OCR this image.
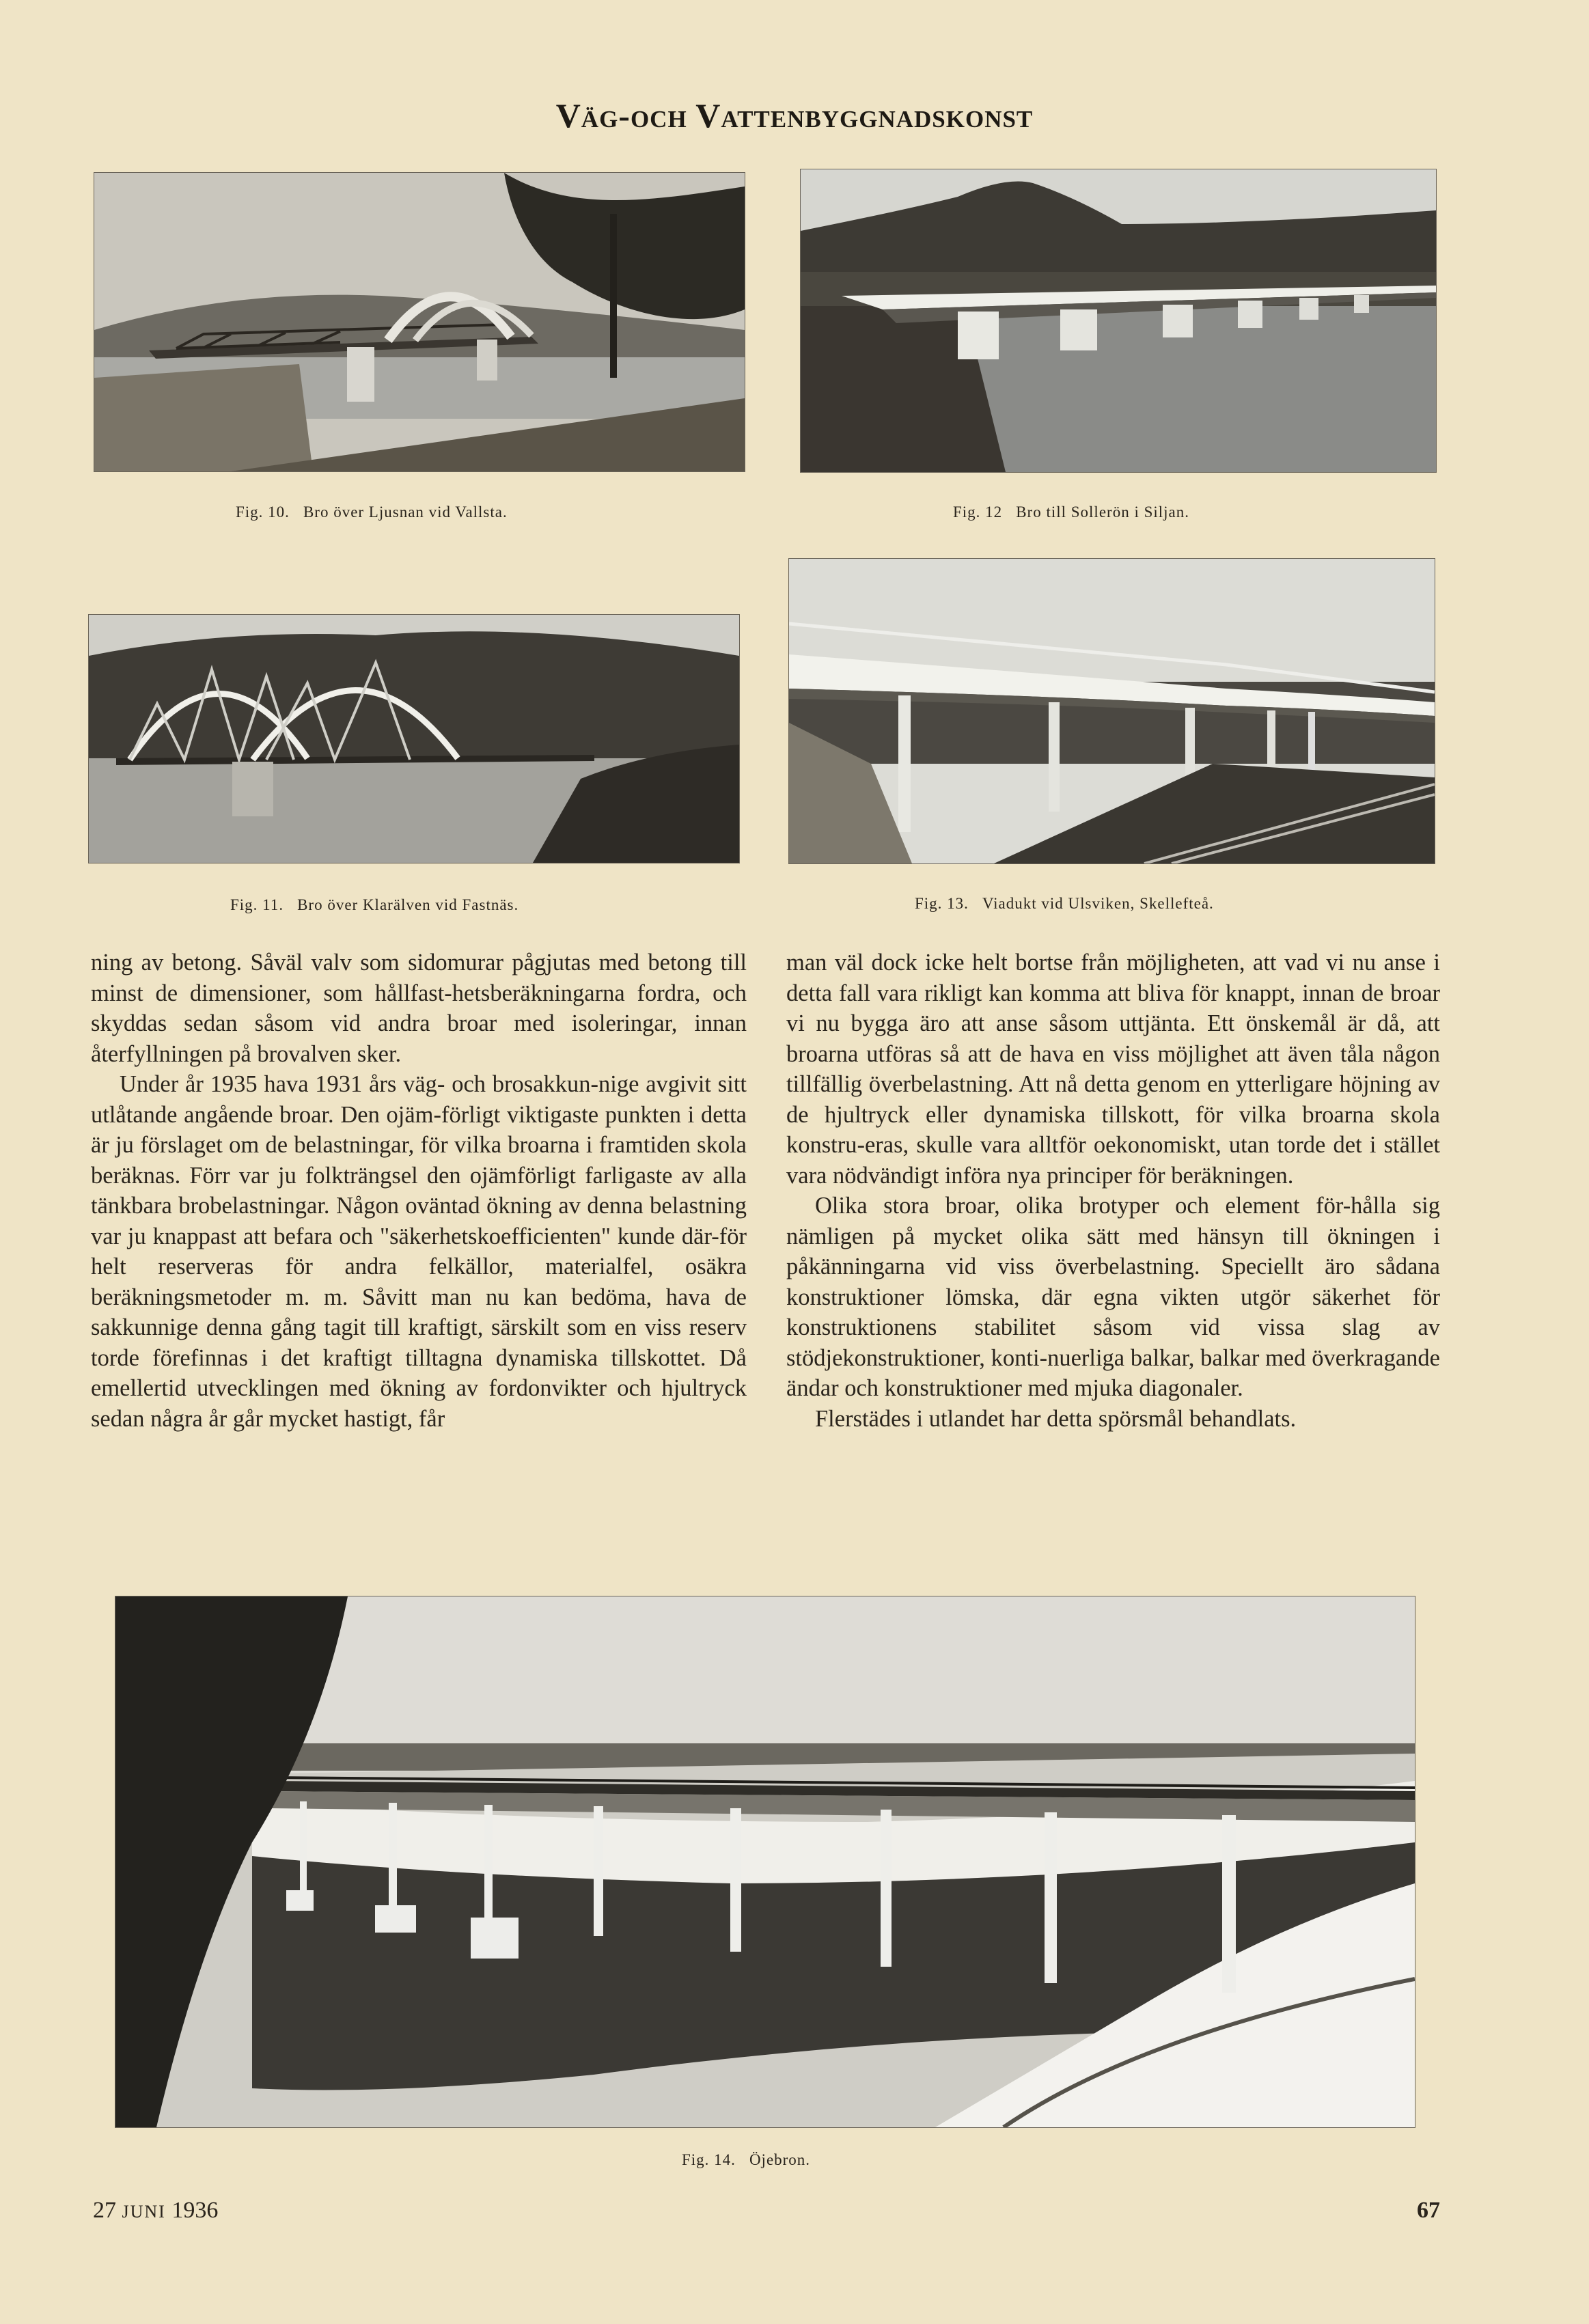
Väg-och Vattenbyggnadskonst
Fig. 10. Bro över Ljusnan vid Vallsta.	Fig. 12 Bro till Sollerön i Siljan.
Fig. 11. Bro över Klarälven vid Fastnäs.	Fig. 13. Viadukt vid Ulsviken, Skellefteå.

ning av betong. Såväl valv som sidomurar pågjutas med betong till minst de dimensioner, som hållfast-hetsberäkningarna fordra, och skyddas sedan såsom vid andra broar med isoleringar, innan återfyllningen på brovalven sker.

Under år 1935 hava 1931 års väg- och brosakkun-nige avgivit sitt utlåtande angående broar. Den ojäm-förligt viktigaste punkten i detta är ju förslaget om de belastningar, för vilka broarna i framtiden skola beräknas. Förr var ju folkträngsel den ojämförligt farligaste av alla tänkbara brobelastningar. Någon oväntad ökning av denna belastning var ju knappast att befara och "säkerhetskoefficienten" kunde där-för helt reserveras för andra felkällor, materialfel, osäkra beräkningsmetoder m. m. Såvitt man nu kan bedöma, hava de sakkunnige denna gång tagit till kraftigt, särskilt som en viss reserv torde förefinnas i det kraftigt tilltagna dynamiska tillskottet. Då emellertid utvecklingen med ökning av fordonvikter och hjultryck sedan några år går mycket hastigt, får

man väl dock icke helt bortse från möjligheten, att vad vi nu anse i detta fall vara rikligt kan komma att bliva för knappt, innan de broar vi nu bygga äro att anse såsom uttjänta. Ett önskemål är då, att broarna utföras så att de hava en viss möjlighet att även tåla någon tillfällig överbelastning. Att nå detta genom en ytterligare höjning av de hjultryck eller dynamiska tillskott, för vilka broarna skola konstru-eras, skulle vara alltför oekonomiskt, utan torde det i stället vara nödvändigt införa nya principer för beräkningen.

Olika stora broar, olika brotyper och element för-hålla sig nämligen på mycket olika sätt med hänsyn till ökningen i påkänningarna vid viss överbelastning. Speciellt äro sådana konstruktioner lömska, där egna vikten utgör säkerhet för konstruktionens stabilitet såsom vid vissa slag av stödjekonstruktioner, konti-nuerliga balkar, balkar med överkragande ändar och konstruktioner med mjuka diagonaler.

Flerstädes i utlandet har detta spörsmål behandlats.

Fig. 14. Öjebron.
27 JUNI 1936	67
